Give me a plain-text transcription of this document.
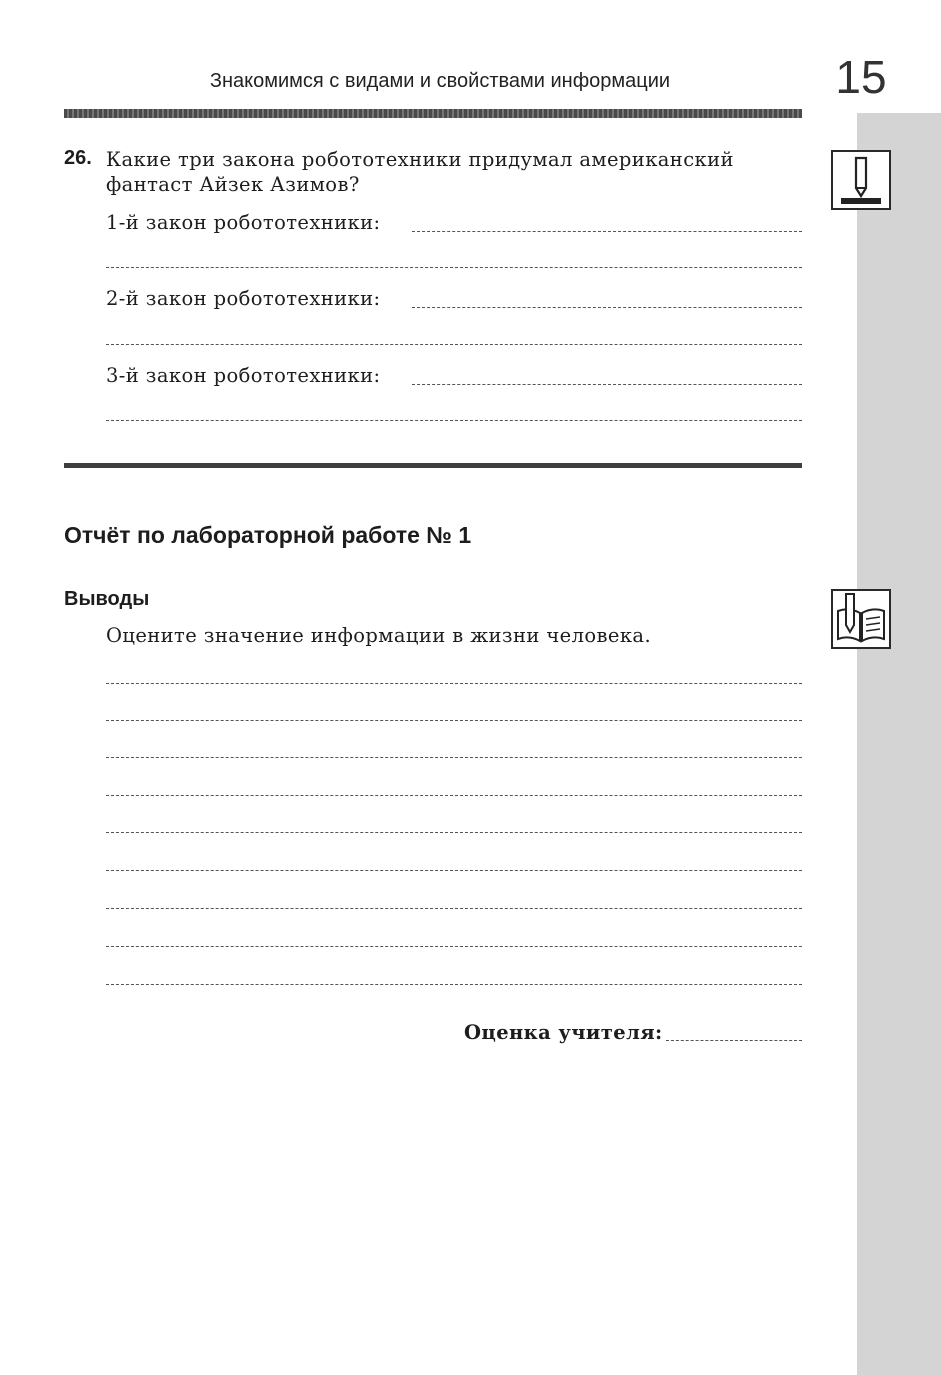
Знакомимся с видами и свойствами информации	15
26. Какие три закона робототехники придумал американский фантаст Айзек Азимов?
1-й закон робототехники:
2-й закон робототехники:
3-й закон робототехники:
Отчёт по лабораторной работе № 1
Выводы
Оцените значение информации в жизни человека.
Оценка учителя:
